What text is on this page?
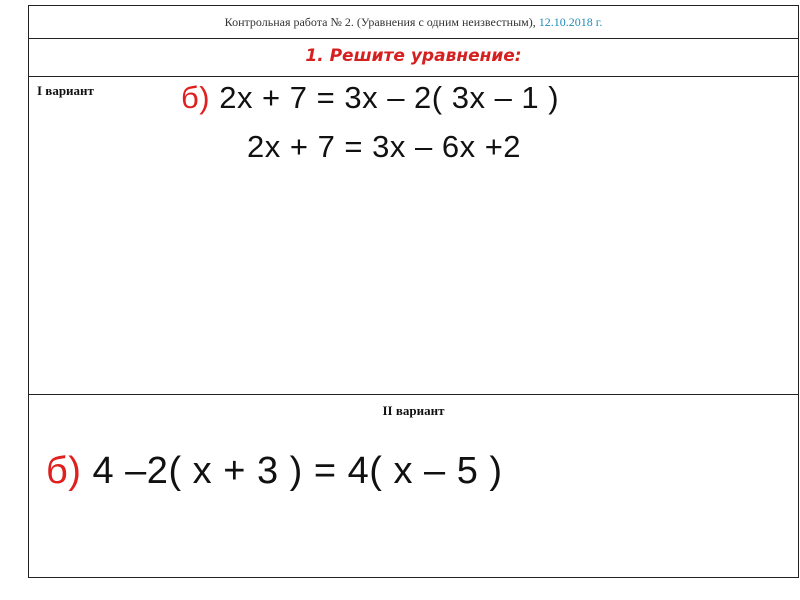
Контрольная работа № 2. (Уравнения с одним неизвестным), 12.10.2018 г.
1. Решите уравнение:
I вариант	б) 2x + 7 = 3x – 2( 3x – 1 )
2x + 7 = 3x – 6x +2
II вариант
б) 4 –2( x + 3 ) = 4( x – 5 )
